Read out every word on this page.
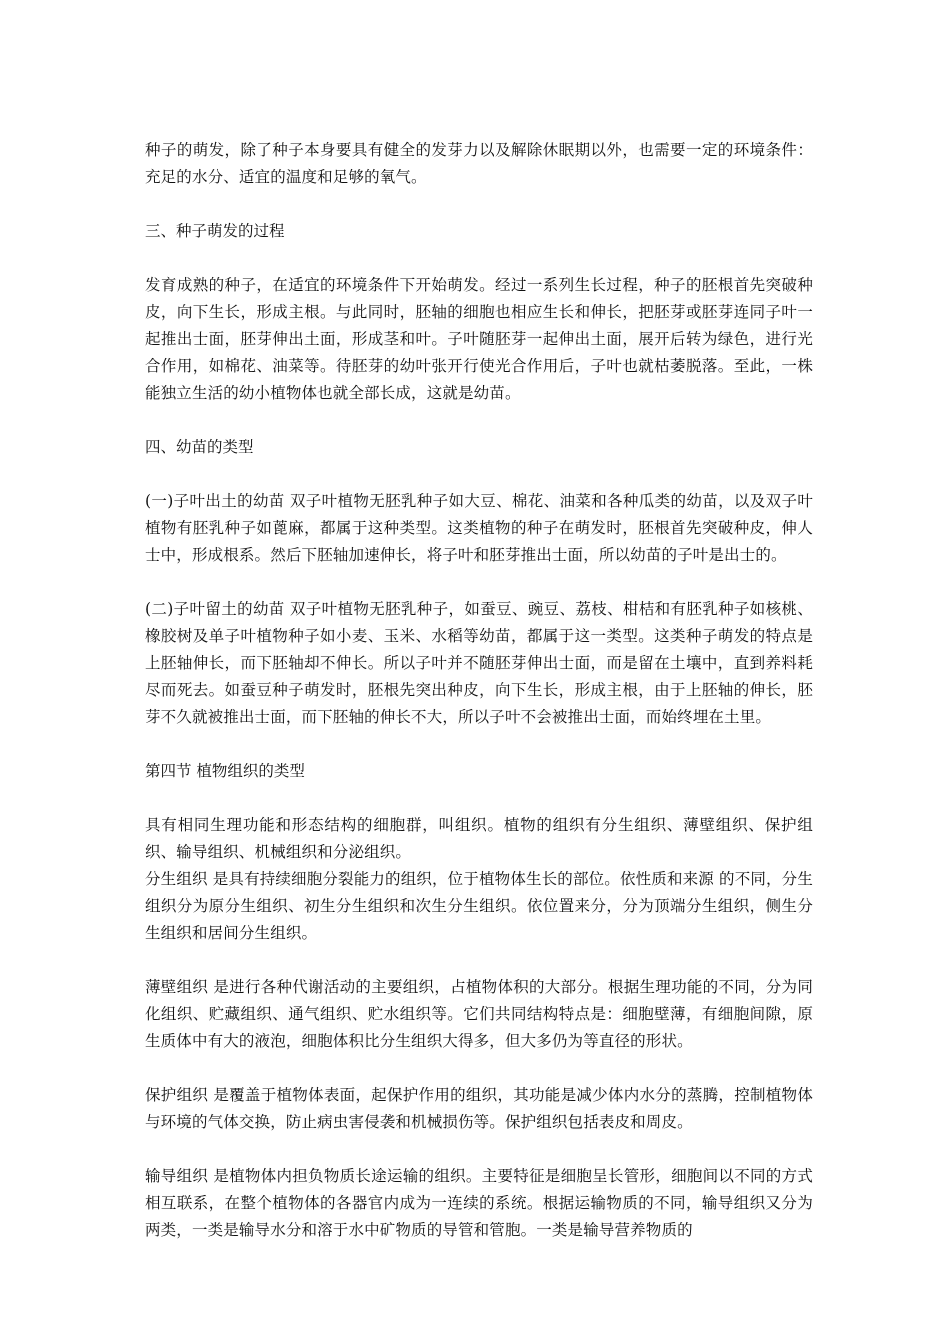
种子的萌发，除了种子本身要具有健全的发芽力以及解除休眠期以外，也需要一定的环境条件：充足的水分、适宜的温度和足够的氧气。

三、种子萌发的过程

发育成熟的种子，在适宜的环境条件下开始萌发。经过一系列生长过程，种子的胚根首先突破种皮，向下生长，形成主根。与此同时，胚轴的细胞也相应生长和伸长，把胚芽或胚芽连同子叶一起推出士面，胚芽伸出土面，形成茎和叶。子叶随胚芽一起伸出土面，展开后转为绿色，进行光合作用，如棉花、油菜等。待胚芽的幼叶张开行使光合作用后，子叶也就枯萎脱落。至此，一株能独立生活的幼小植物体也就全部长成，这就是幼苗。

四、幼苗的类型

(一)子叶出土的幼苗 双子叶植物无胚乳种子如大豆、棉花、油菜和各种瓜类的幼苗，以及双子叶植物有胚乳种子如蓖麻，都属于这种类型。这类植物的种子在萌发时，胚根首先突破种皮，伸人士中，形成根系。然后下胚轴加速伸长，将子叶和胚芽推出士面，所以幼苗的子叶是出士的。

(二)子叶留土的幼苗 双子叶植物无胚乳种子，如蚕豆、豌豆、荔枝、柑桔和有胚乳种子如核桃、橡胶树及单子叶植物种子如小麦、玉米、水稻等幼苗，都属于这一类型。这类种子萌发的特点是上胚轴伸长，而下胚轴却不伸长。所以子叶并不随胚芽伸出士面，而是留在土壤中，直到养料耗尽而死去。如蚕豆种子萌发时，胚根先突出种皮，向下生长，形成主根，由于上胚轴的伸长，胚芽不久就被推出士面，而下胚轴的伸长不大，所以子叶不会被推出士面，而始终埋在土里。

第四节 植物组织的类型

具有相同生理功能和形态结构的细胞群，叫组织。植物的组织有分生组织、薄壁组织、保护组织、输导组织、机械组织和分泌组织。

分生组织 是具有持续细胞分裂能力的组织，位于植物体生长的部位。依性质和来源 的不同，分生组织分为原分生组织、初生分生组织和次生分生组织。依位置来分，分为顶端分生组织，侧生分生组织和居间分生组织。

薄壁组织 是进行各种代谢活动的主要组织，占植物体积的大部分。根据生理功能的不同，分为同化组织、贮藏组织、通气组织、贮水组织等。它们共同结构特点是：细胞壁薄，有细胞间隙，原生质体中有大的液泡，细胞体积比分生组织大得多，但大多仍为等直径的形状。

保护组织 是覆盖于植物体表面，起保护作用的组织，其功能是减少体内水分的蒸腾，控制植物体与环境的气体交换，防止病虫害侵袭和机械损伤等。保护组织包括表皮和周皮。

输导组织 是植物体内担负物质长途运输的组织。主要特征是细胞呈长管形，细胞间以不同的方式相互联系，在整个植物体的各器官内成为一连续的系统。根据运输物质的不同，输导组织又分为两类，一类是输导水分和溶于水中矿物质的导管和管胞。一类是输导营养物质的
